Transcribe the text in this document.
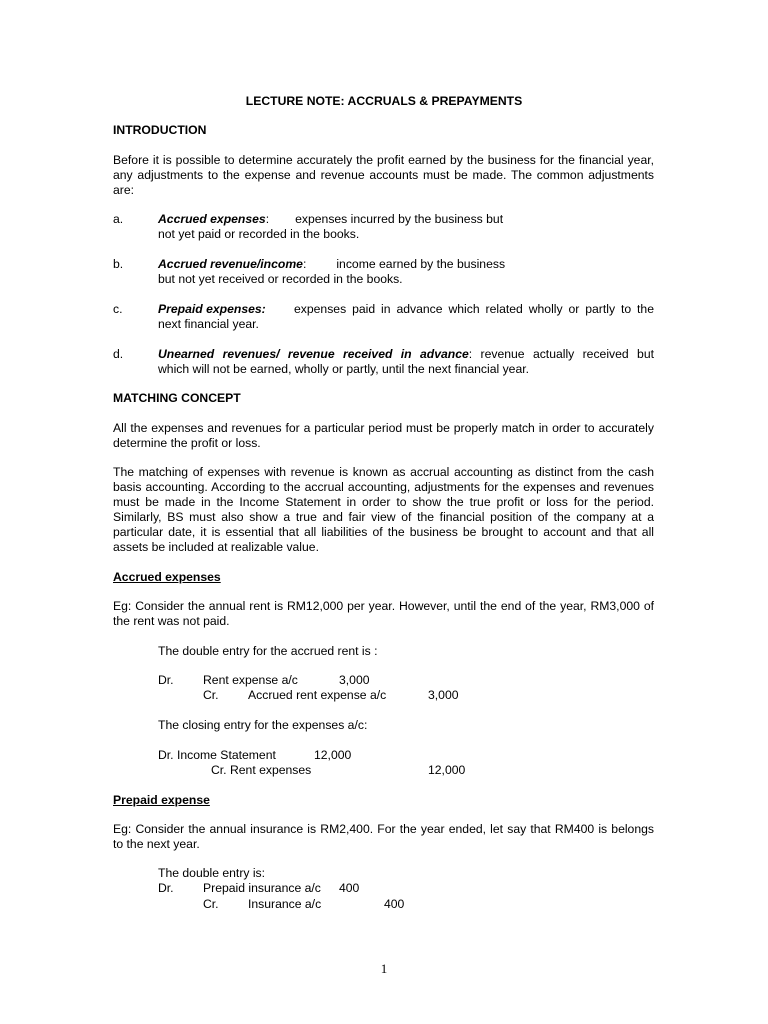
LECTURE NOTE: ACCRUALS & PREPAYMENTS
INTRODUCTION
Before it is possible to determine accurately the profit earned by the business for the financial year, any adjustments to the expense and revenue accounts must be made. The common adjustments are:
a.	Accrued expenses: expenses incurred by the business but
not yet paid or recorded in the books.
b.	Accrued revenue/income: income earned by the business
but not yet received or recorded in the books.
c.	Prepaid expenses:	expenses paid in advance which related wholly or partly to the
next financial year.
d.	Unearned revenues/ revenue received in advance: revenue actually received but
which will not be earned, wholly or partly, until the next financial year.
MATCHING CONCEPT
All the expenses and revenues for a particular period must be properly match in order to accurately determine the profit or loss.
The matching of expenses with revenue is known as accrual accounting as distinct from the cash basis accounting. According to the accrual accounting, adjustments for the expenses and revenues must be made in the Income Statement in order to show the true profit or loss for the period. Similarly, BS must also show a true and fair view of the financial position of the company at a particular date, it is essential that all liabilities of the business be brought to account and that all assets be included at realizable value.
Accrued expenses
Eg: Consider the annual rent is RM12,000 per year. However, until the end of the year, RM3,000 of the rent was not paid.
The double entry for the accrued rent is :
Dr. Rent expense a/c	3,000
Cr. Accrued rent expense a/c	3,000
The closing entry for the expenses a/c:
Dr. Income Statement	12,000
Cr. Rent expenses	12,000
Prepaid expense
Eg: Consider the annual insurance is RM2,400. For the year ended, let say that RM400 is belongs to the next year.
The double entry is:
Dr. Prepaid insurance a/c 400
Cr. Insurance a/c	400
1
